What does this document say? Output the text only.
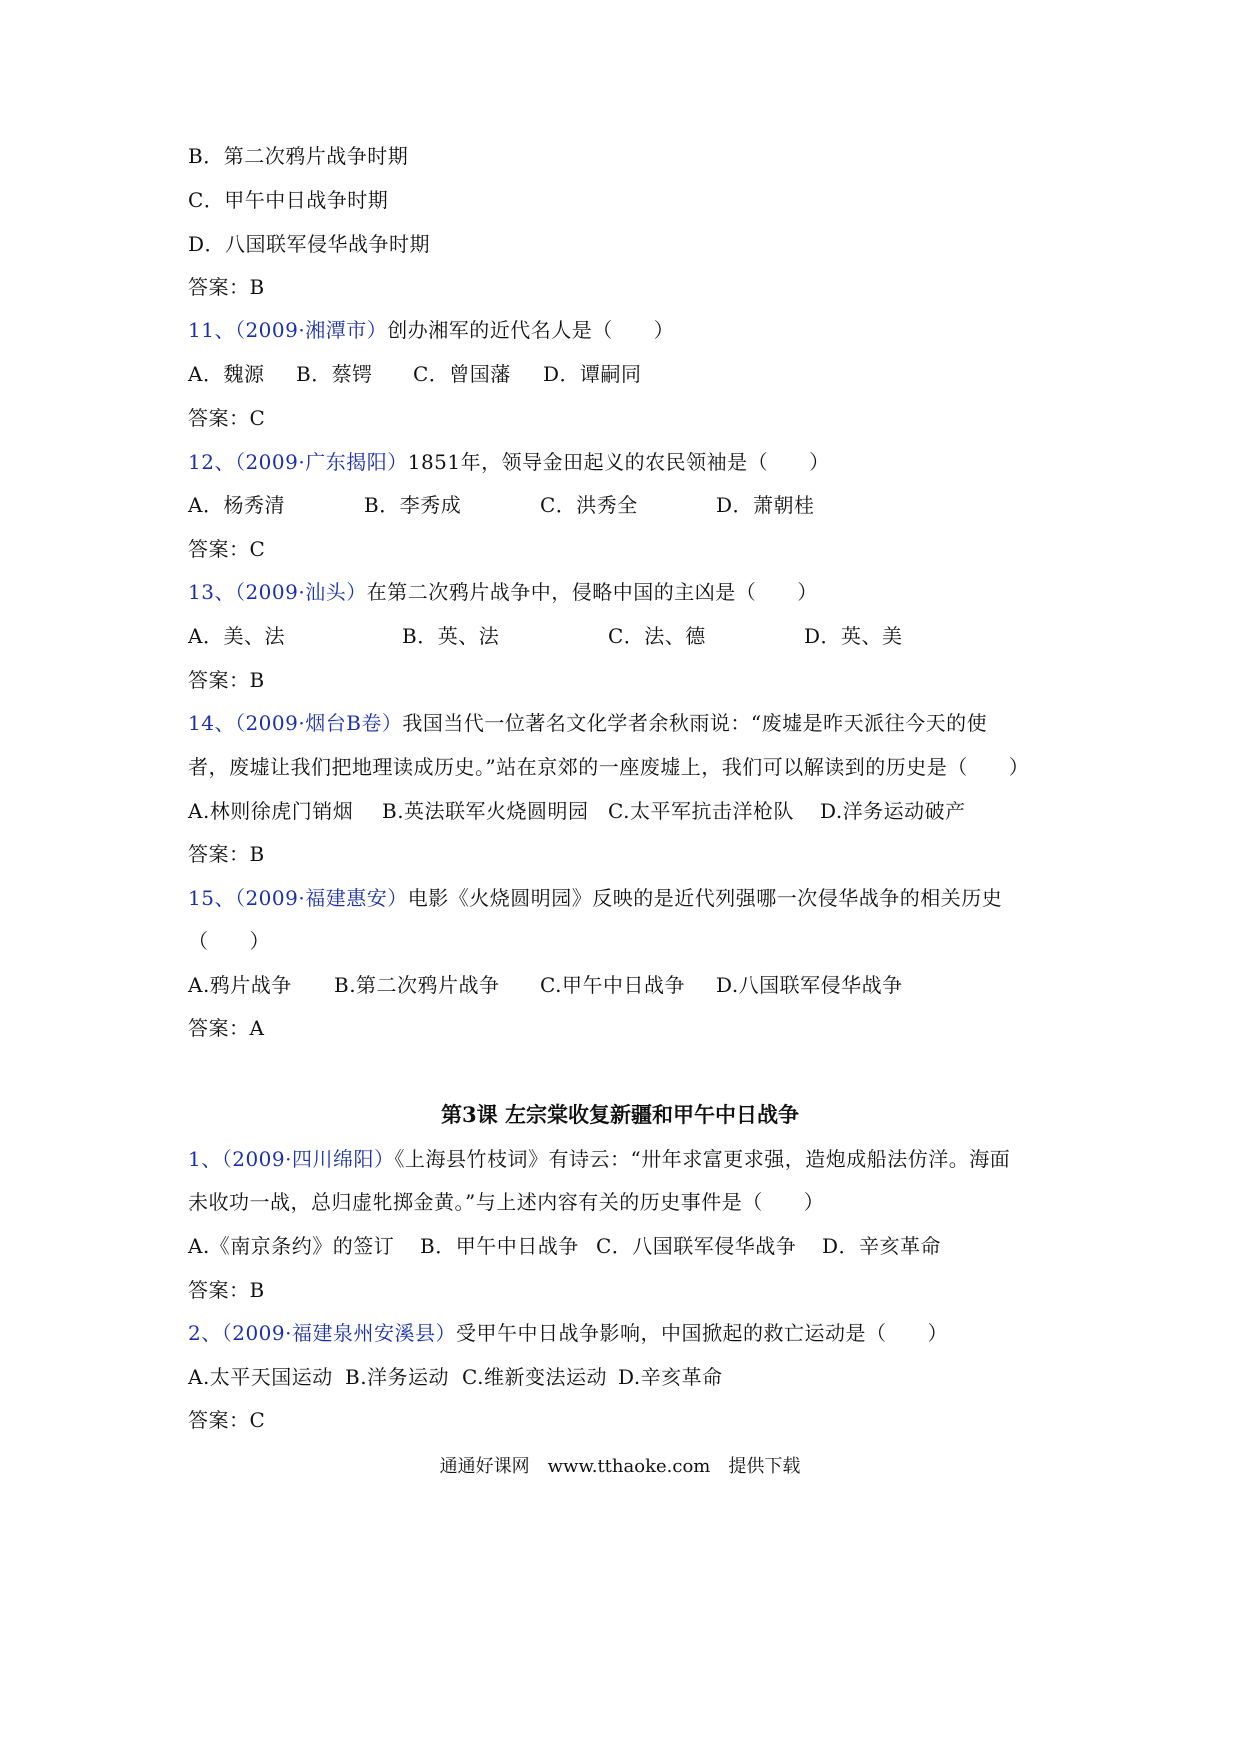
B．第二次鸦片战争时期
C．甲午中日战争时期
D．八国联军侵华战争时期
答案：B
11、（2009·湘潭市）创办湘军的近代名人是（　　）
A．魏源 B．蔡锷 C．曾国藩 D．谭嗣同
答案：C
12、（2009·广东揭阳）1851年，领导金田起义的农民领袖是（　　）
A．杨秀清	B．李秀成	C．洪秀全	D．萧朝桂
答案：C
13、（2009·汕头）在第二次鸦片战争中，侵略中国的主凶是（　　）
A．美、法	B．英、法	C．法、德	D．英、美
答案：B
14、（2009·烟台B卷）我国当代一位著名文化学者余秋雨说：“废墟是昨天派往今天的使
者，废墟让我们把地理读成历史。”站在京郊的一座废墟上，我们可以解读到的历史是（　　）
A.林则徐虎门销烟 B.英法联军火烧圆明园 C.太平军抗击洋枪队 D.洋务运动破产
答案：B
15、（2009·福建惠安）电影《火烧圆明园》反映的是近代列强哪一次侵华战争的相关历史
（　　）
A.鸦片战争 B.第二次鸦片战争 C.甲午中日战争 D.八国联军侵华战争
答案：A
第3课 左宗棠收复新疆和甲午中日战争
1、（2009·四川绵阳）《上海县竹枝词》有诗云：“卅年求富更求强，造炮成船法仿洋。海面
未收功一战，总归虚牝掷金黄。”与上述内容有关的历史事件是（　　）
A.《南京条约》的签订 B．甲午中日战争 C．八国联军侵华战争 D．辛亥革命
答案：B
2、（2009·福建泉州安溪县）受甲午中日战争影响，中国掀起的救亡运动是（　　）
A.太平天国运动 B.洋务运动 C.维新变法运动 D.辛亥革命
答案：C
通通好课网　www.tthaoke.com　提供下载
